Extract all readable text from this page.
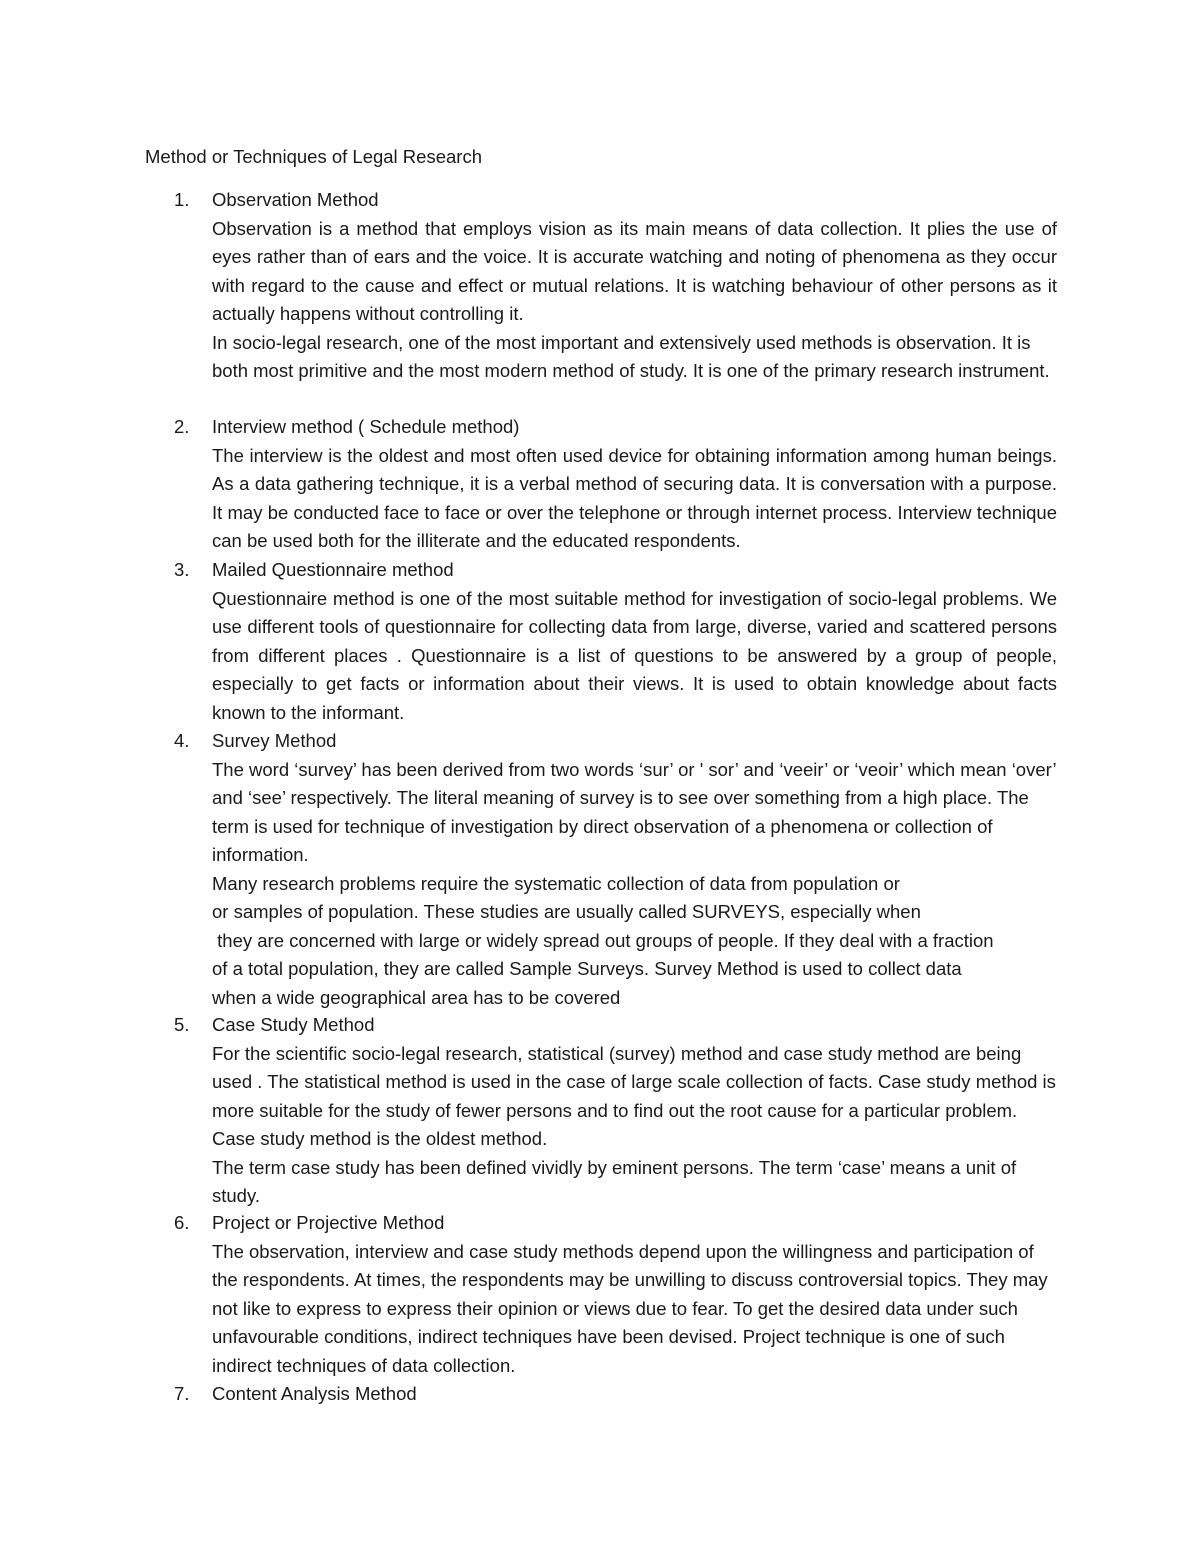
Method or Techniques of Legal Research
1.	Observation Method

Observation is a method that employs vision as its main means of data collection. It plies the use of eyes rather than of ears and the voice. It is accurate watching and noting of phenomena as they occur with regard to the cause and effect or mutual relations. It is watching behaviour of other persons as it actually happens without controlling it.

In socio-legal research, one of the most important and extensively used methods is observation. It is both most primitive and the most modern method of study. It is one of the primary research instrument.

2.	Interview method ( Schedule method)

The interview is the oldest and most often used device for obtaining information among human beings. As a data gathering technique, it is a verbal method of securing data. It is conversation with a purpose. It may be conducted face to face or over the telephone or through internet process. Interview technique can be used both for the illiterate and the educated respondents.

3.	Mailed Questionnaire method

Questionnaire method is one of the most suitable method for investigation of socio-legal problems. We use different tools of questionnaire for collecting data from large, diverse, varied and scattered persons from different places . Questionnaire is a list of questions to be answered by a group of people, especially to get facts or information about their views. It is used to obtain knowledge about facts known to the informant.

4.	Survey Method

The word ‘survey’ has been derived from two words ‘sur’ or ' sor’ and ‘veeir’ or ‘veoir’ which mean ‘over’ and ‘see’ respectively. The literal meaning of survey is to see over something from a high place. The term is used for technique of investigation by direct observation of a phenomena or collection of information.

Many research problems require the systematic collection of data from population or
or samples of population. These studies are usually called SURVEYS, especially when
they are concerned with large or widely spread out groups of people. If they deal with a fraction
of a total population, they are called Sample Surveys. Survey Method is used to collect data
when a wide geographical area has to be covered
5.	Case Study Method

For the scientific socio-legal research, statistical (survey) method and case study method are being used . The statistical method is used in the case of large scale collection of facts. Case study method is more suitable for the study of fewer persons and to find out the root cause for a particular problem. Case study method is the oldest method.

The term case study has been defined vividly by eminent persons. The term ‘case’ means a unit of study.

6.	Project or Projective Method

The observation, interview and case study methods depend upon the willingness and participation of the respondents. At times, the respondents may be unwilling to discuss controversial topics. They may not like to express to express their opinion or views due to fear. To get the desired data under such unfavourable conditions, indirect techniques have been devised. Project technique is one of such indirect techniques of data collection.

7.	Content Analysis Method
